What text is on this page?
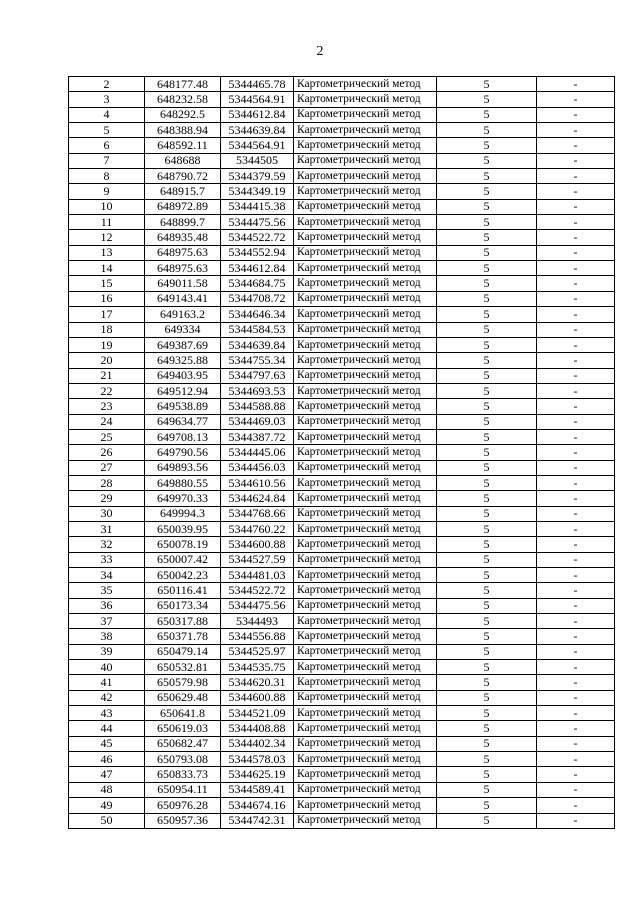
2
2	648177.48	5344465.78	Картометрический метод	5	-
3	648232.58	5344564.91	Картометрический метод	5	-
4	648292.5	5344612.84	Картометрический метод	5	-
5	648388.94	5344639.84	Картометрический метод	5	-
6	648592.11	5344564.91	Картометрический метод	5	-
7	648688	5344505	Картометрический метод	5	-
8	648790.72	5344379.59	Картометрический метод	5	-
9	648915.7	5344349.19	Картометрический метод	5	-
10	648972.89	5344415.38	Картометрический метод	5	-
11	648899.7	5344475.56	Картометрический метод	5	-
12	648935.48	5344522.72	Картометрический метод	5	-
13	648975.63	5344552.94	Картометрический метод	5	-
14	648975.63	5344612.84	Картометрический метод	5	-
15	649011.58	5344684.75	Картометрический метод	5	-
16	649143.41	5344708.72	Картометрический метод	5	-
17	649163.2	5344646.34	Картометрический метод	5	-
18	649334	5344584.53	Картометрический метод	5	-
19	649387.69	5344639.84	Картометрический метод	5	-
20	649325.88	5344755.34	Картометрический метод	5	-
21	649403.95	5344797.63	Картометрический метод	5	-
22	649512.94	5344693.53	Картометрический метод	5	-
23	649538.89	5344588.88	Картометрический метод	5	-
24	649634.77	5344469.03	Картометрический метод	5	-
25	649708.13	5344387.72	Картометрический метод	5	-
26	649790.56	5344445.06	Картометрический метод	5	-
27	649893.56	5344456.03	Картометрический метод	5	-
28	649880.55	5344610.56	Картометрический метод	5	-
29	649970.33	5344624.84	Картометрический метод	5	-
30	649994.3	5344768.66	Картометрический метод	5	-
31	650039.95	5344760.22	Картометрический метод	5	-
32	650078.19	5344600.88	Картометрический метод	5	-
33	650007.42	5344527.59	Картометрический метод	5	-
34	650042.23	5344481.03	Картометрический метод	5	-
35	650116.41	5344522.72	Картометрический метод	5	-
36	650173.34	5344475.56	Картометрический метод	5	-
37	650317.88	5344493	Картометрический метод	5	-
38	650371.78	5344556.88	Картометрический метод	5	-
39	650479.14	5344525.97	Картометрический метод	5	-
40	650532.81	5344535.75	Картометрический метод	5	-
41	650579.98	5344620.31	Картометрический метод	5	-
42	650629.48	5344600.88	Картометрический метод	5	-
43	650641.8	5344521.09	Картометрический метод	5	-
44	650619.03	5344408.88	Картометрический метод	5	-
45	650682.47	5344402.34	Картометрический метод	5	-
46	650793.08	5344578.03	Картометрический метод	5	-
47	650833.73	5344625.19	Картометрический метод	5	-
48	650954.11	5344589.41	Картометрический метод	5	-
49	650976.28	5344674.16	Картометрический метод	5	-
50	650957.36	5344742.31	Картометрический метод	5	-
